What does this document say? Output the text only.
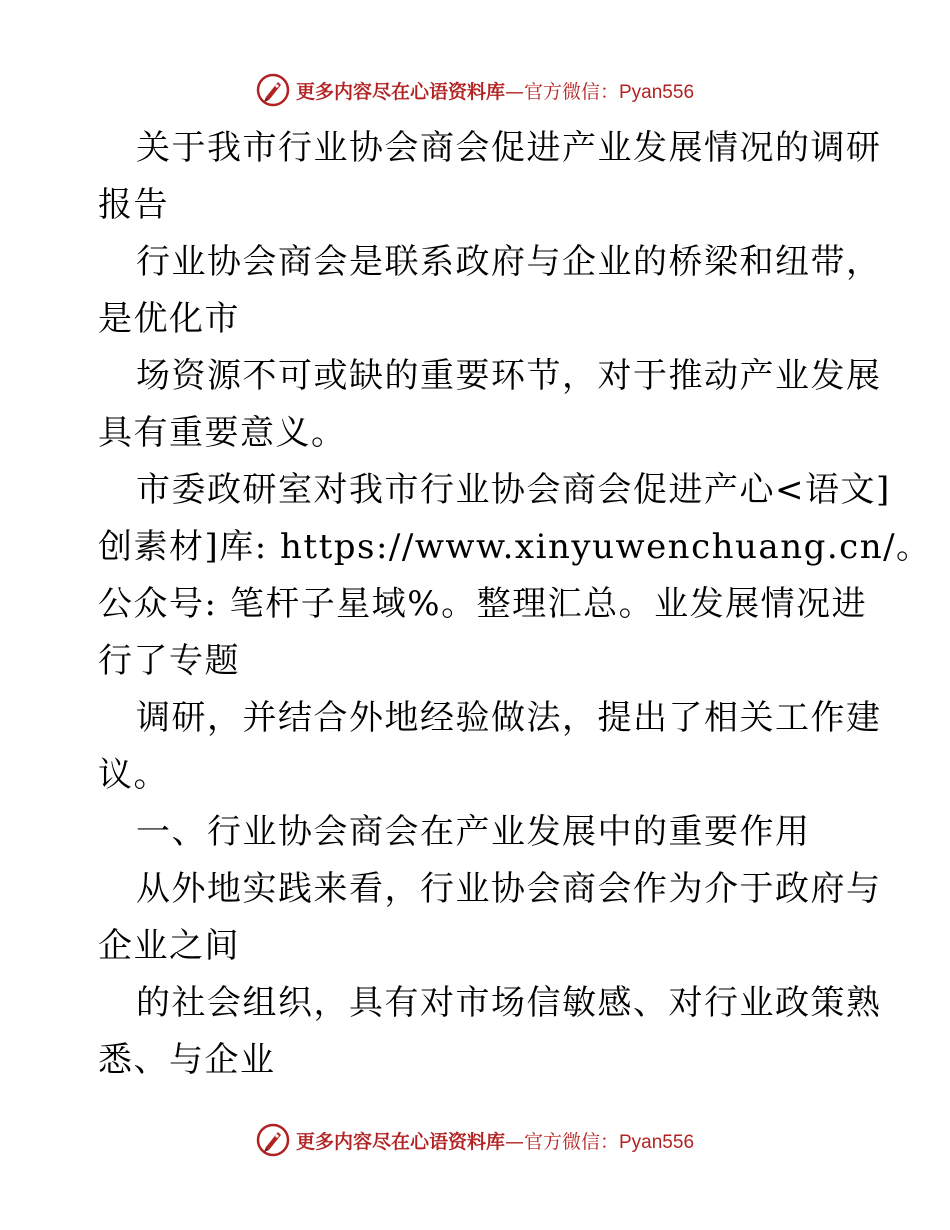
更多内容尽在心语资料库 — 官方微信： Pyan556
关于我市行业协会商会促进产业发展情况的调研
报告
行业协会商会是联系政府与企业的桥梁和纽带，
是优化市
场资源不可或缺的重要环节，对于推动产业发展
具有重要意义。
市委政研室对我市行业协会商会促进产心<语文]
创素材]库: https://www.xinyuwenchuang.cn/。
公众号: 笔杆子星域%。整理汇总。业发展情况进
行了专题
调研，并结合外地经验做法，提出了相关工作建
议。
一、行业协会商会在产业发展中的重要作用
从外地实践来看，行业协会商会作为介于政府与
企业之间
的社会组织，具有对市场信敏感、对行业政策熟
悉、与企业
更多内容尽在心语资料库 — 官方微信： Pyan556
